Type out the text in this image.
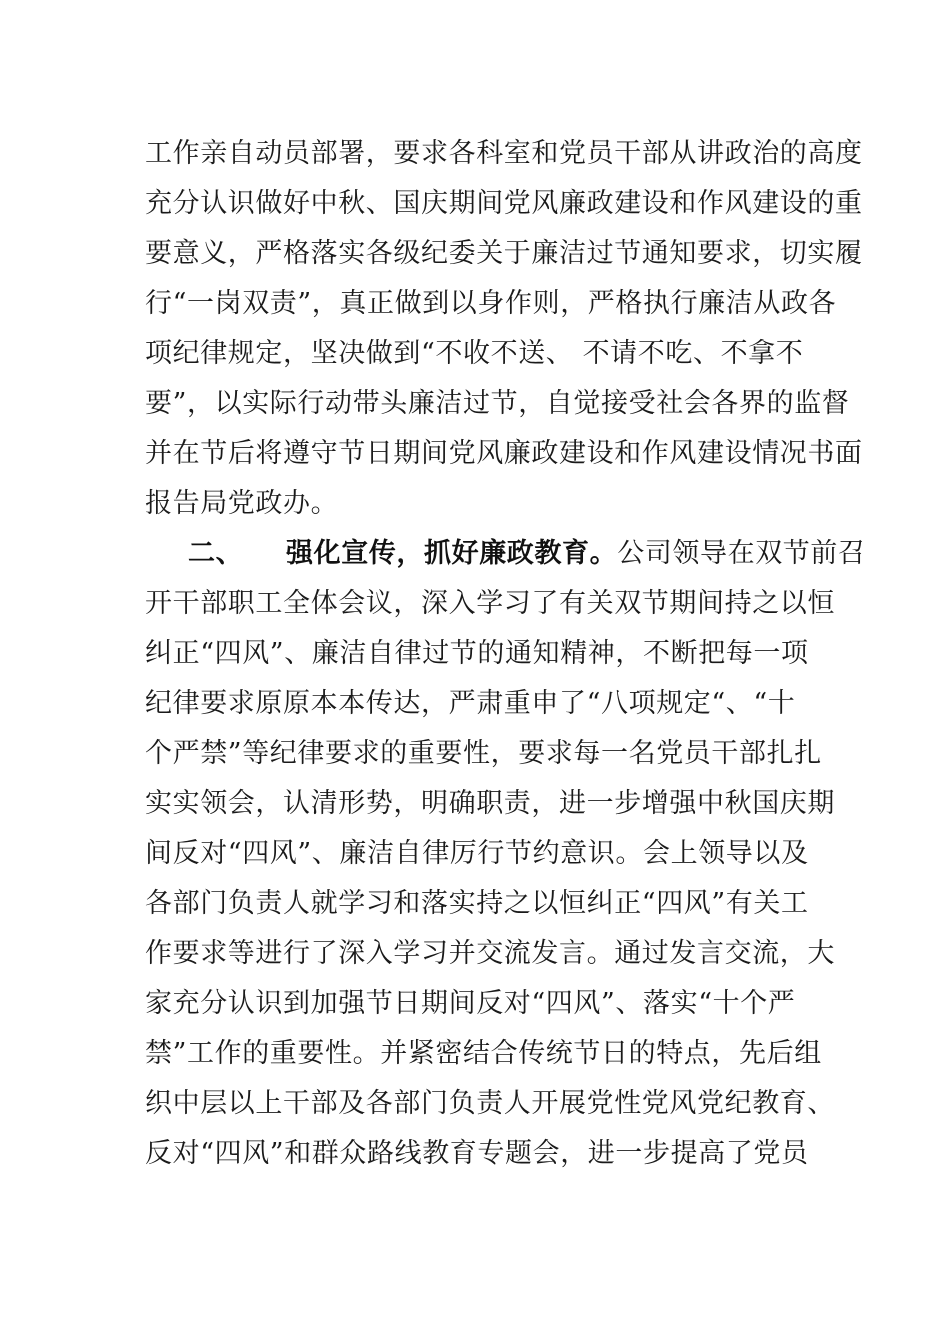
工作亲自动员部署，要求各科室和党员干部从讲政治的高度
充分认识做好中秋、国庆期间党风廉政建设和作风建设的重
要意义，严格落实各级纪委关于廉洁过节通知要求，切实履
行“一岗双责”，真正做到以身作则，严格执行廉洁从政各
项纪律规定，坚决做到“不收不送、 不请不吃、不拿不
要”，以实际行动带头廉洁过节，自觉接受社会各界的监督
并在节后将遵守节日期间党风廉政建设和作风建设情况书面
报告局党政办。
二、 强化宣传，抓好廉政教育。公司领导在双节前召
开干部职工全体会议，深入学习了有关双节期间持之以恒
纠正“四风”、廉洁自律过节的通知精神，不断把每一项
纪律要求原原本本传达，严肃重申了“八项规定“、“十
个严禁”等纪律要求的重要性，要求每一名党员干部扎扎
实实领会，认清形势，明确职责，进一步增强中秋国庆期
间反对“四风”、廉洁自律厉行节约意识。会上领导以及
各部门负责人就学习和落实持之以恒纠正“四风”有关工
作要求等进行了深入学习并交流发言。通过发言交流，大
家充分认识到加强节日期间反对“四风”、落实“十个严
禁”工作的重要性。并紧密结合传统节日的特点，先后组
织中层以上干部及各部门负责人开展党性党风党纪教育、
反对“四风”和群众路线教育专题会，进一步提高了党员
